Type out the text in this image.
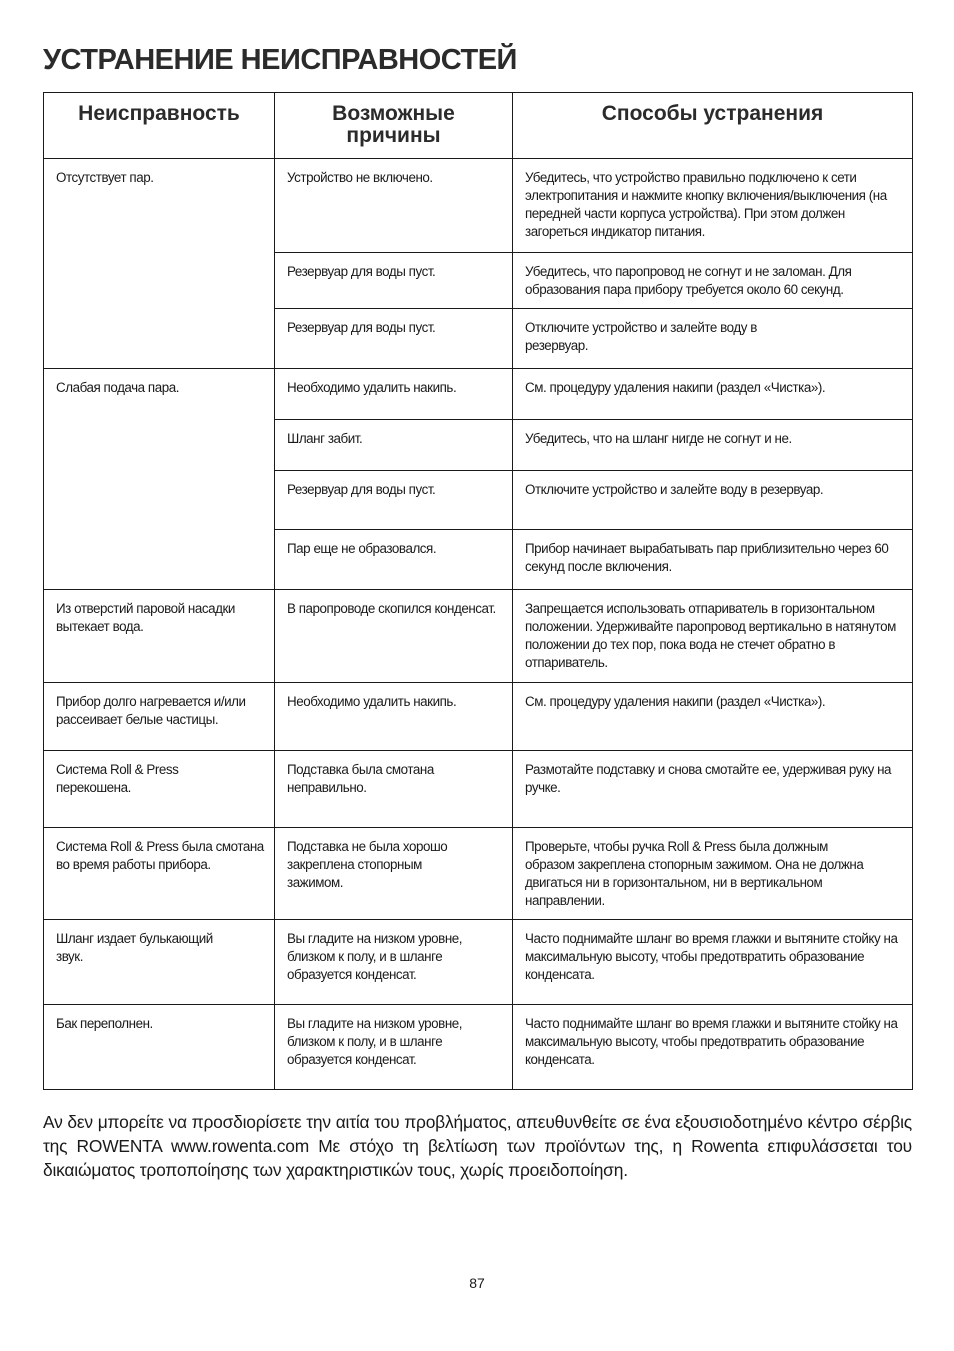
УСТРАНЕНИЕ НЕИСПРАВНОСТЕЙ
Неисправность	Возможные причины	Способы устранения
Отсутствует пар.	Устройство не включено.	Убедитесь, что устройство правильно подключено к сети электропитания и нажмите кнопку включения/выключения (на передней части корпуса устройства). При этом должен загореться индикатор питания.
	Резервуар для воды пуст.	Убедитесь, что паропровод не согнут и не заломан. Для образования пара прибору требуется около 60 секунд.
	Резервуар для воды пуст.	Отключите устройство и залейте воду в резервуар.
Слабая подача пара.	Необходимо удалить накипь.	См. процедуру удаления накипи (раздел «Чистка»).
	Шланг забит.	Убедитесь, что на шланг нигде не согнут и не.
	Резервуар для воды пуст.	Отключите устройство и залейте воду в резервуар.
	Пар еще не образовался.	Прибор начинает вырабатывать пар приблизительно через 60 секунд после включения.
Из отверстий паровой насадки вытекает вода.	В паропроводе скопился конденсат.	Запрещается использовать отпариватель в горизонтальном положении. Удерживайте паропровод вертикально в натянутом положении до тех пор, пока вода не стечет обратно в отпариватель.
Прибор долго нагревается и/или рассеивает белые частицы.	Необходимо удалить накипь.	См. процедуру удаления накипи (раздел «Чистка»).
Система Roll & Press перекошена.	Подставка была смотана неправильно.	Размотайте подставку и снова смотайте ее, удерживая руку на ручке.
Система Roll & Press была смотана во время работы прибора.	Подставка не была хорошо закреплена стопорным зажимом.	Проверьте, чтобы ручка Roll & Press была должным образом закреплена стопорным зажимом. Она не должна двигаться ни в горизонтальном, ни в вертикальном направлении.
Шланг издает булькающий звук.	Вы гладите на низком уровне, близком к полу, и в шланге образуется конденсат.	Часто поднимайте шланг во время глажки и вытяните стойку на максимальную высоту, чтобы предотвратить образование конденсата.
Бак переполнен.	Вы гладите на низком уровне, близком к полу, и в шланге образуется конденсат.	Часто поднимайте шланг во время глажки и вытяните стойку на максимальную высоту, чтобы предотвратить образование конденсата.

Αν δεν μπορείτε να προσδιορίσετε την αιτία του προβλήματος, απευθυνθείτε σε ένα εξουσιοδοτημένο κέντρο σέρβις της ROWENTA www.rowenta.com Με στόχο τη βελτίωση των προϊόντων της, η Rowenta επιφυλάσσεται του δικαιώματος τροποποίησης των χαρακτηριστικών τους, χωρίς προειδοποίηση.

87
